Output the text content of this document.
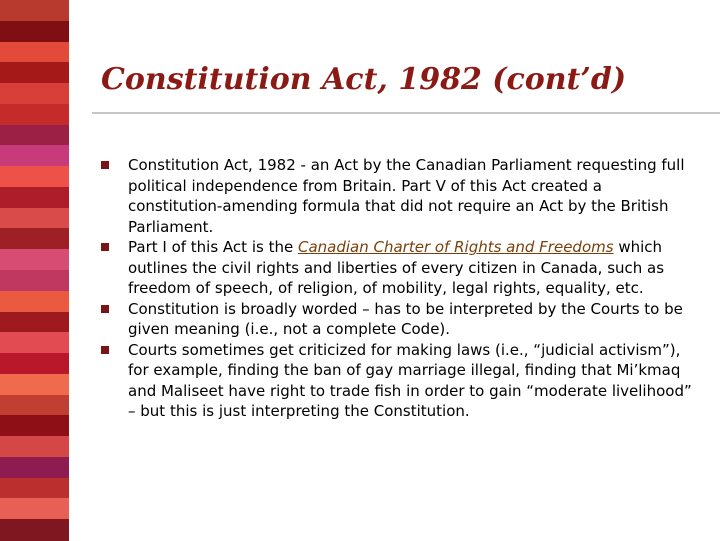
Constitution Act, 1982 (cont’d)
Constitution Act, 1982 - an Act by the Canadian Parliament requesting full political independence from Britain. Part V of this Act created a constitution-amending formula that did not require an Act by the British Parliament.
Part I of this Act is the Canadian Charter of Rights and Freedoms which outlines the civil rights and liberties of every citizen in Canada, such as freedom of speech, of religion, of mobility, legal rights, equality, etc.
Constitution is broadly worded – has to be interpreted by the Courts to be given meaning (i.e., not a complete Code).
Courts sometimes get criticized for making laws (i.e., “judicial activism”), for example, finding the ban of gay marriage illegal, finding that Mi’kmaq and Maliseet have right to trade fish in order to gain “moderate livelihood” – but this is just interpreting the Constitution.
